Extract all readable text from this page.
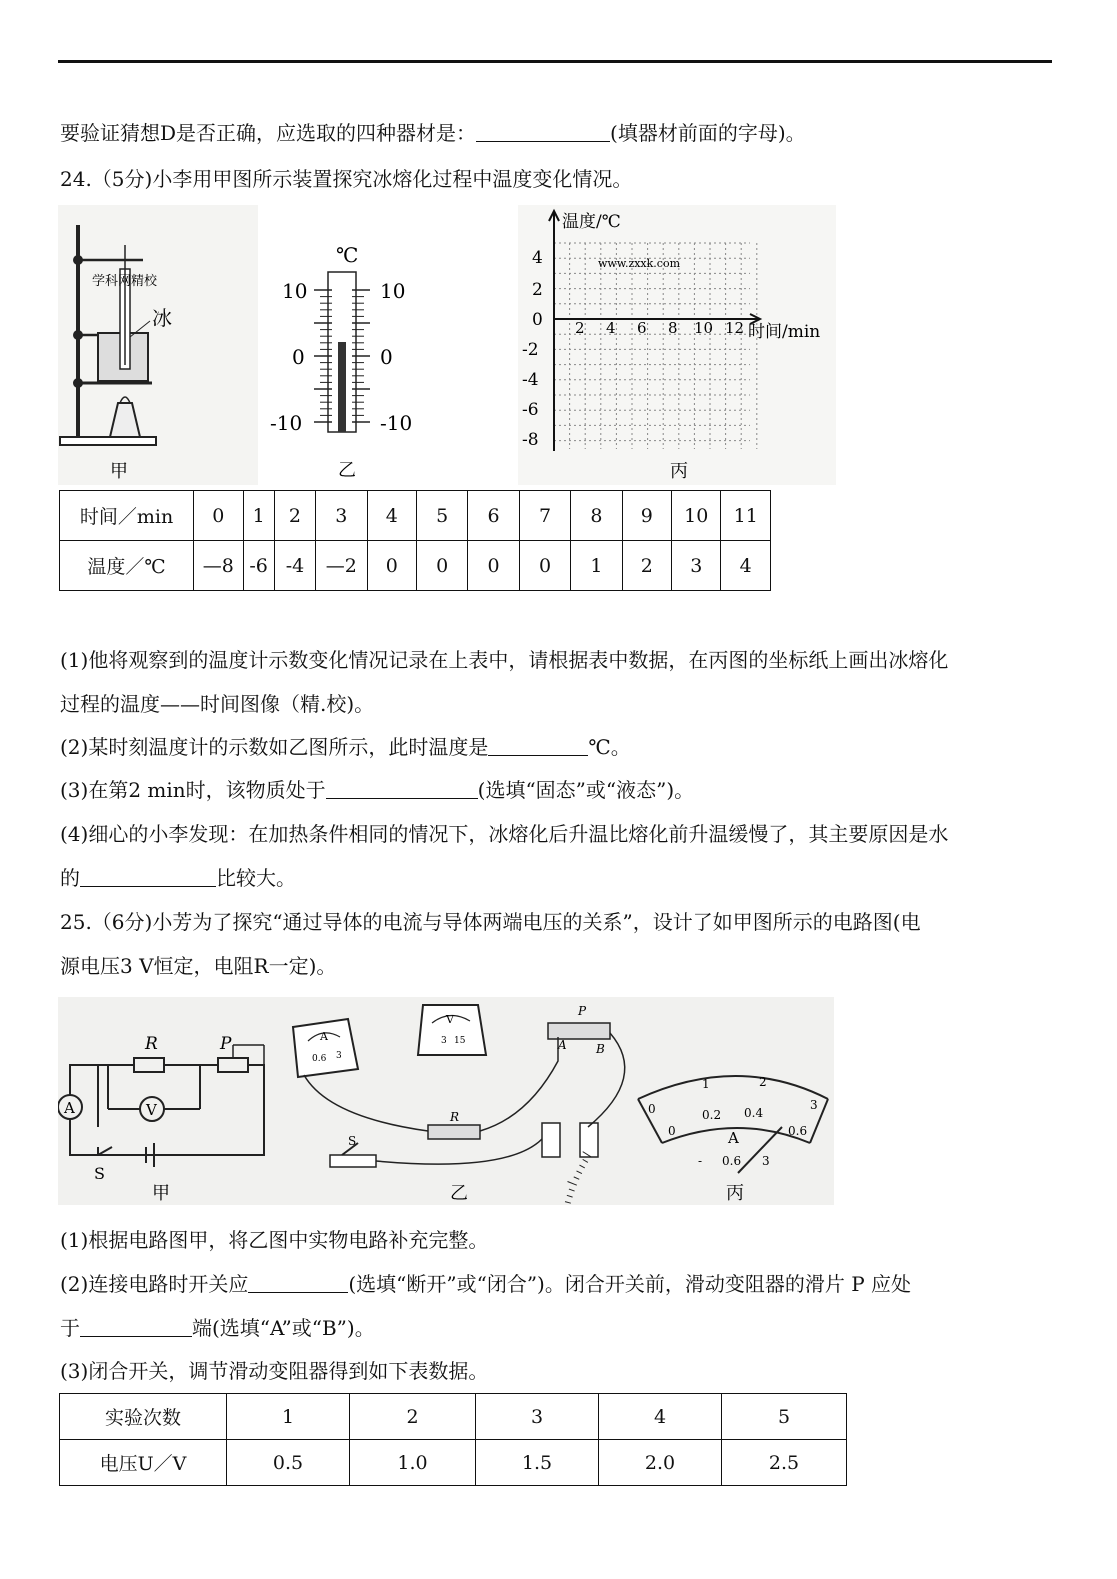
要验证猜想D是否正确，应选取的四种器材是：	(填器材前面的字母)。
24.（5分)小李用甲图所示装置探究冰熔化过程中温度变化情况。
学科网精校
冰
甲
℃
10
0
-10
10
0
-10
乙
温度/℃
时间/min
www.zxxk.com
4
2
0
-2
-4
-6
-8
2 4 6 8 10 12
丙
时间／min	0	1	2	3	4	5	6	7	8	9	10	11
温度／℃	—8	-6	-4	—2	0	0	0	0	1	2	3	4
(1)他将观察到的温度计示数变化情况记录在上表中，请根据表中数据，在丙图的坐标纸上画出冰熔化
过程的温度——时间图像（精.校)。
(2)某时刻温度计的示数如乙图所示，此时温度是	℃。
(3)在第2 min时，该物质处于	(选填“固态”或“液态”)。
(4)细心的小李发现：在加热条件相同的情况下，冰熔化后升温比熔化前升温缓慢了，其主要原因是水
的	比较大。
25.（6分)小芳为了探究“通过导体的电流与导体两端电压的关系”，设计了如甲图所示的电路图(电
源电压3 V恒定，电阻R一定)。
R	P
V
A
S
甲
A
0.6 3
V
3 15
P
A B
R
S
乙
0
1	2
3
0
0.2 0.4
0.6
A
- 0.6 3
丙
(1)根据电路图甲，将乙图中实物电路补充完整。
(2)连接电路时开关应	(选填“断开”或“闭合”)。闭合开关前，滑动变阻器的滑片 P 应处
于	端(选填“A”或“B”)。
(3)闭合开关，调节滑动变阻器得到如下表数据。
实验次数	1	2	3	4	5
电压U／V	0.5	1.0	1.5	2.0	2.5
